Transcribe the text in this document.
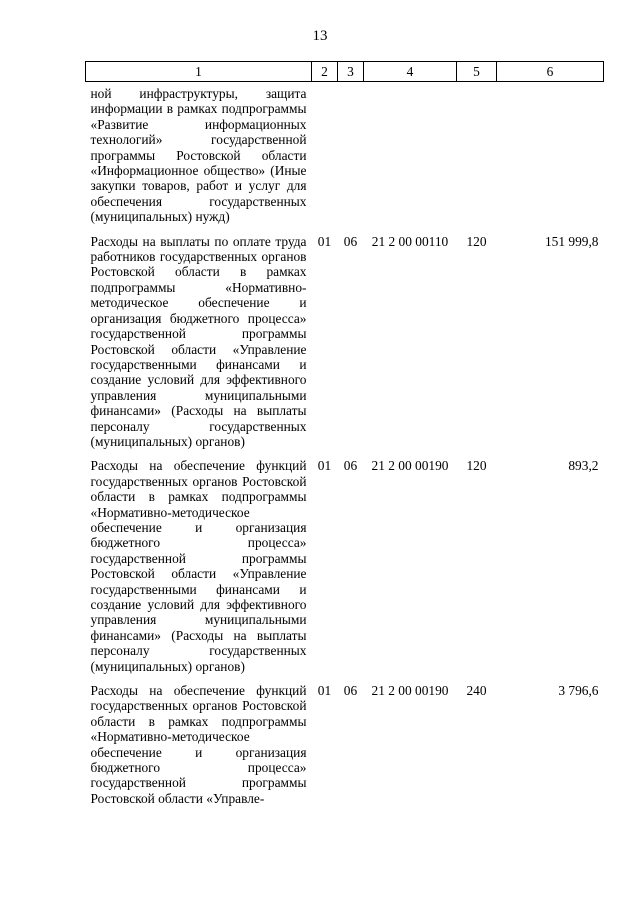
13
1	2	3	4	5	6
ной инфраструктуры, защита информации в рамках подпрограммы «Развитие информационных технологий» государственной программы Ростовской области «Информационное общество» (Иные закупки товаров, работ и услуг для обеспечения государственных (муниципальных) нужд)					
Расходы на выплаты по оплате труда работников государственных органов Ростовской области в рамках подпрограммы «Нормативно-методическое обеспечение и организация бюджетного процесса» государственной программы Ростовской области «Управление государственными финансами и создание условий для эффективного управления муниципальными финансами» (Расходы на выплаты персоналу государственных (муниципальных) органов)	01	06	21 2 00 00110	120	151 999,8
Расходы на обеспечение функций государственных органов Ростовской области в рамках подпрограммы «Нормативно-методическое обеспечение и организация бюджетного процесса» государственной программы Ростовской области «Управление государственными финансами и создание условий для эффективного управления муниципальными финансами» (Расходы на выплаты персоналу государственных (муниципальных) органов)	01	06	21 2 00 00190	120	893,2
Расходы на обеспечение функций государственных органов Ростовской области в рамках подпрограммы «Нормативно-методическое обеспечение и организация бюджетного процесса» государственной программы Ростовской области «Управле-	01	06	21 2 00 00190	240	3 796,6
